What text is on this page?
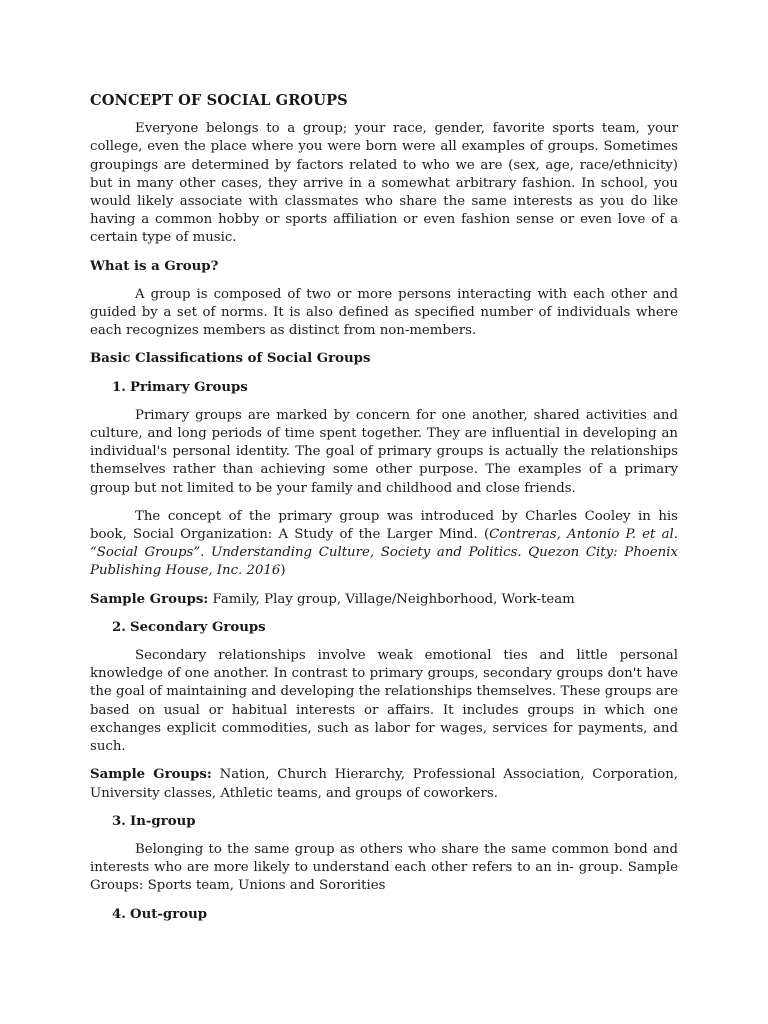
CONCEPT OF SOCIAL GROUPS

Everyone belongs to a group; your race, gender, favorite sports team, your college, even the place where you were born were all examples of groups. Sometimes groupings are determined by factors related to who we are (sex, age, race/ethnicity) but in many other cases, they arrive in a somewhat arbitrary fashion. In school, you would likely associate with classmates who share the same interests as you do like having a common hobby or sports affiliation or even fashion sense or even love of a certain type of music.

What is a Group?

A group is composed of two or more persons interacting with each other and guided by a set of norms. It is also defined as specified number of individuals where each recognizes members as distinct from non-members.

Basic Classifications of Social Groups
1. Primary Groups

Primary groups are marked by concern for one another, shared activities and culture, and long periods of time spent together. They are influential in developing an individual's personal identity. The goal of primary groups is actually the relationships themselves rather than achieving some other purpose. The examples of a primary group but not limited to be your family and childhood and close friends.

The concept of the primary group was introduced by Charles Cooley in his book, Social Organization: A Study of the Larger Mind. (Contreras, Antonio P. et al. “Social Groups”. Understanding Culture, Society and Politics. Quezon City: Phoenix Publishing House, Inc. 2016)

Sample Groups: Family, Play group, Village/Neighborhood, Work-team

2. Secondary Groups

Secondary relationships involve weak emotional ties and little personal knowledge of one another. In contrast to primary groups, secondary groups don't have the goal of maintaining and developing the relationships themselves. These groups are based on usual or habitual interests or affairs. It includes groups in which one exchanges explicit commodities, such as labor for wages, services for payments, and such.

Sample Groups: Nation, Church Hierarchy, Professional Association, Corporation, University classes, Athletic teams, and groups of coworkers.

3. In-group

Belonging to the same group as others who share the same common bond and interests who are more likely to understand each other refers to an in- group. Sample Groups: Sports team, Unions and Sororities

4. Out-group
